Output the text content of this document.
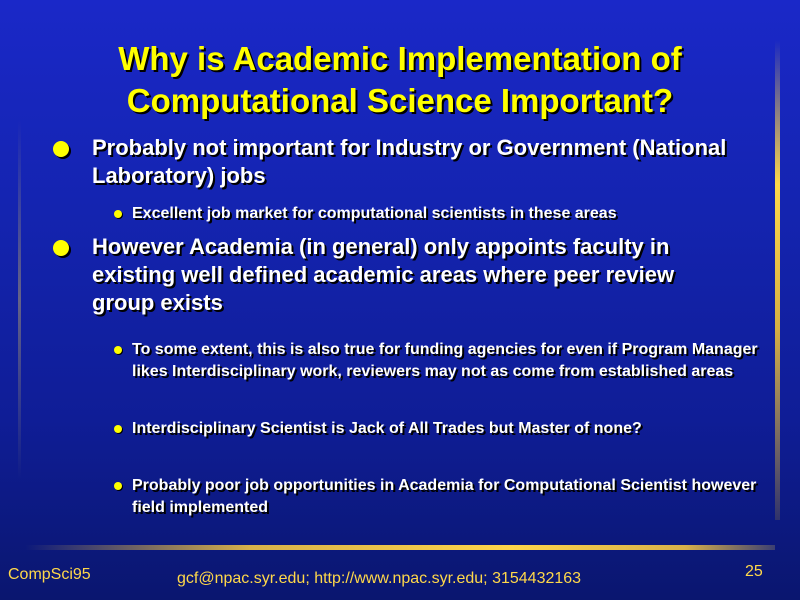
Why is Academic Implementation of
Computational Science Important?
Probably not important for Industry or Government (National Laboratory) jobs
Excellent job market for computational scientists in these areas
However Academia (in general) only appoints faculty in existing well defined academic areas where peer review group exists
To some extent, this is also true for funding agencies for even if Program Manager likes Interdisciplinary work, reviewers may not as come from established areas
Interdisciplinary Scientist is Jack of All Trades but Master of none?
Probably poor job opportunities in Academia for Computational Scientist however field implemented
CompSci95	gcf@npac.syr.edu; http://www.npac.syr.edu; 3154432163	25
